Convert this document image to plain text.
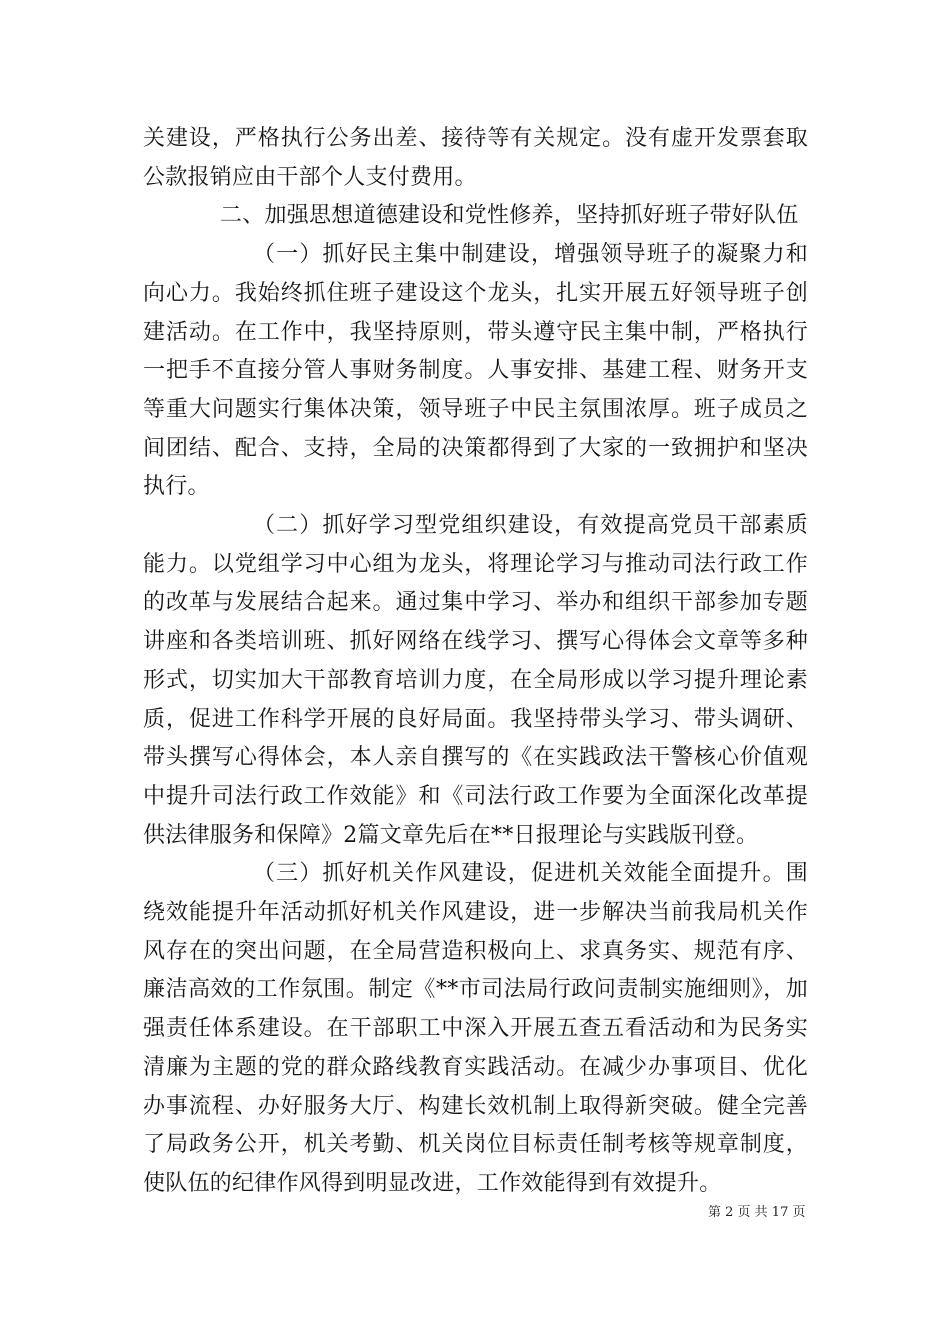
关建设，严格执行公务出差、接待等有关规定。没有虚开发票套取公款报销应由干部个人支付费用。

二、加强思想道德建设和党性修养，坚持抓好班子带好队伍

（一）抓好民主集中制建设，增强领导班子的凝聚力和向心力。我始终抓住班子建设这个龙头，扎实开展五好领导班子创建活动。在工作中，我坚持原则，带头遵守民主集中制，严格执行一把手不直接分管人事财务制度。人事安排、基建工程、财务开支等重大问题实行集体决策，领导班子中民主氛围浓厚。班子成员之间团结、配合、支持，全局的决策都得到了大家的一致拥护和坚决执行。

（二）抓好学习型党组织建设，有效提高党员干部素质能力。以党组学习中心组为龙头，将理论学习与推动司法行政工作的改革与发展结合起来。通过集中学习、举办和组织干部参加专题讲座和各类培训班、抓好网络在线学习、撰写心得体会文章等多种形式，切实加大干部教育培训力度，在全局形成以学习提升理论素质，促进工作科学开展的良好局面。我坚持带头学习、带头调研、带头撰写心得体会，本人亲自撰写的《在实践政法干警核心价值观中提升司法行政工作效能》和《司法行政工作要为全面深化改革提供法律服务和保障》2篇文章先后在**日报理论与实践版刊登。

（三）抓好机关作风建设，促进机关效能全面提升。围绕效能提升年活动抓好机关作风建设，进一步解决当前我局机关作风存在的突出问题，在全局营造积极向上、求真务实、规范有序、廉洁高效的工作氛围。制定《**市司法局行政问责制实施细则》，加强责任体系建设。在干部职工中深入开展五查五看活动和为民务实清廉为主题的党的群众路线教育实践活动。在减少办事项目、优化办事流程、办好服务大厅、构建长效机制上取得新突破。健全完善了局政务公开，机关考勤、机关岗位目标责任制考核等规章制度，使队伍的纪律作风得到明显改进，工作效能得到有效提升。

第 2 页 共 17 页
